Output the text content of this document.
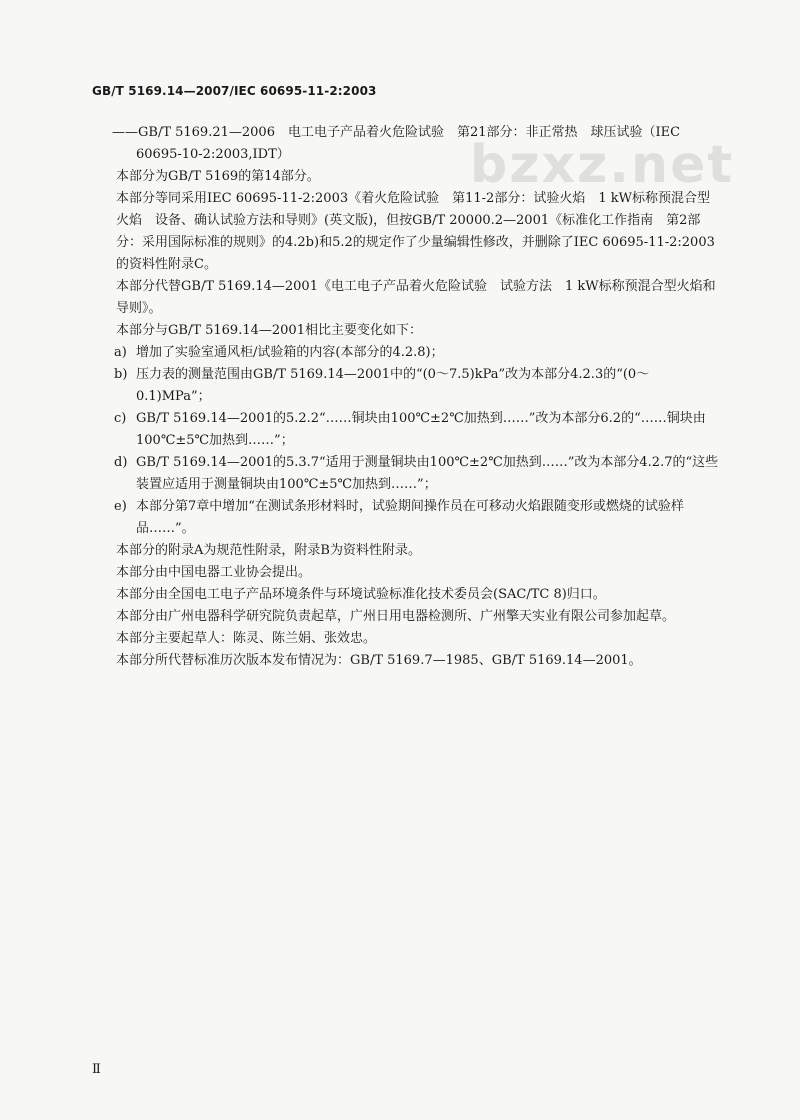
GB/T 5169.14—2007/IEC 60695-11-2:2003
bzxz.net

——GB/T 5169.21—2006　电工电子产品着火危险试验　第21部分：非正常热　球压试验（IEC 60695-10-2:2003,IDT）

本部分为GB/T 5169的第14部分。

本部分等同采用IEC 60695-11-2:2003《着火危险试验　第11-2部分：试验火焰　1 kW标称预混合型火焰　设备、确认试验方法和导则》(英文版)，但按GB/T 20000.2—2001《标准化工作指南　第2部分：采用国际标准的规则》的4.2b)和5.2的规定作了少量编辑性修改，并删除了IEC 60695-11-2:2003的资料性附录C。

本部分代替GB/T 5169.14—2001《电工电子产品着火危险试验　试验方法　1 kW标称预混合型火焰和导则》。

本部分与GB/T 5169.14—2001相比主要变化如下：

a) 增加了实验室通风柜/试验箱的内容(本部分的4.2.8)；
b) 压力表的测量范围由GB/T 5169.14—2001中的“(0～7.5)kPa”改为本部分4.2.3的“(0～0.1)MPa”；
c) GB/T 5169.14—2001的5.2.2“……铜块由100℃±2℃加热到……”改为本部分6.2的“……铜块由100℃±5℃加热到……”；
d) GB/T 5169.14—2001的5.3.7“适用于测量铜块由100℃±2℃加热到……”改为本部分4.2.7的“这些装置应适用于测量铜块由100℃±5℃加热到……”；
e) 本部分第7章中增加“在测试条形材料时，试验期间操作员在可移动火焰跟随变形或燃烧的试验样品……”。

本部分的附录A为规范性附录，附录B为资料性附录。

本部分由中国电器工业协会提出。

本部分由全国电工电子产品环境条件与环境试验标准化技术委员会(SAC/TC 8)归口。

本部分由广州电器科学研究院负责起草，广州日用电器检测所、广州擎天实业有限公司参加起草。

本部分主要起草人：陈灵、陈兰娟、张效忠。

本部分所代替标准历次版本发布情况为：GB/T 5169.7—1985、GB/T 5169.14—2001。

Ⅱ
